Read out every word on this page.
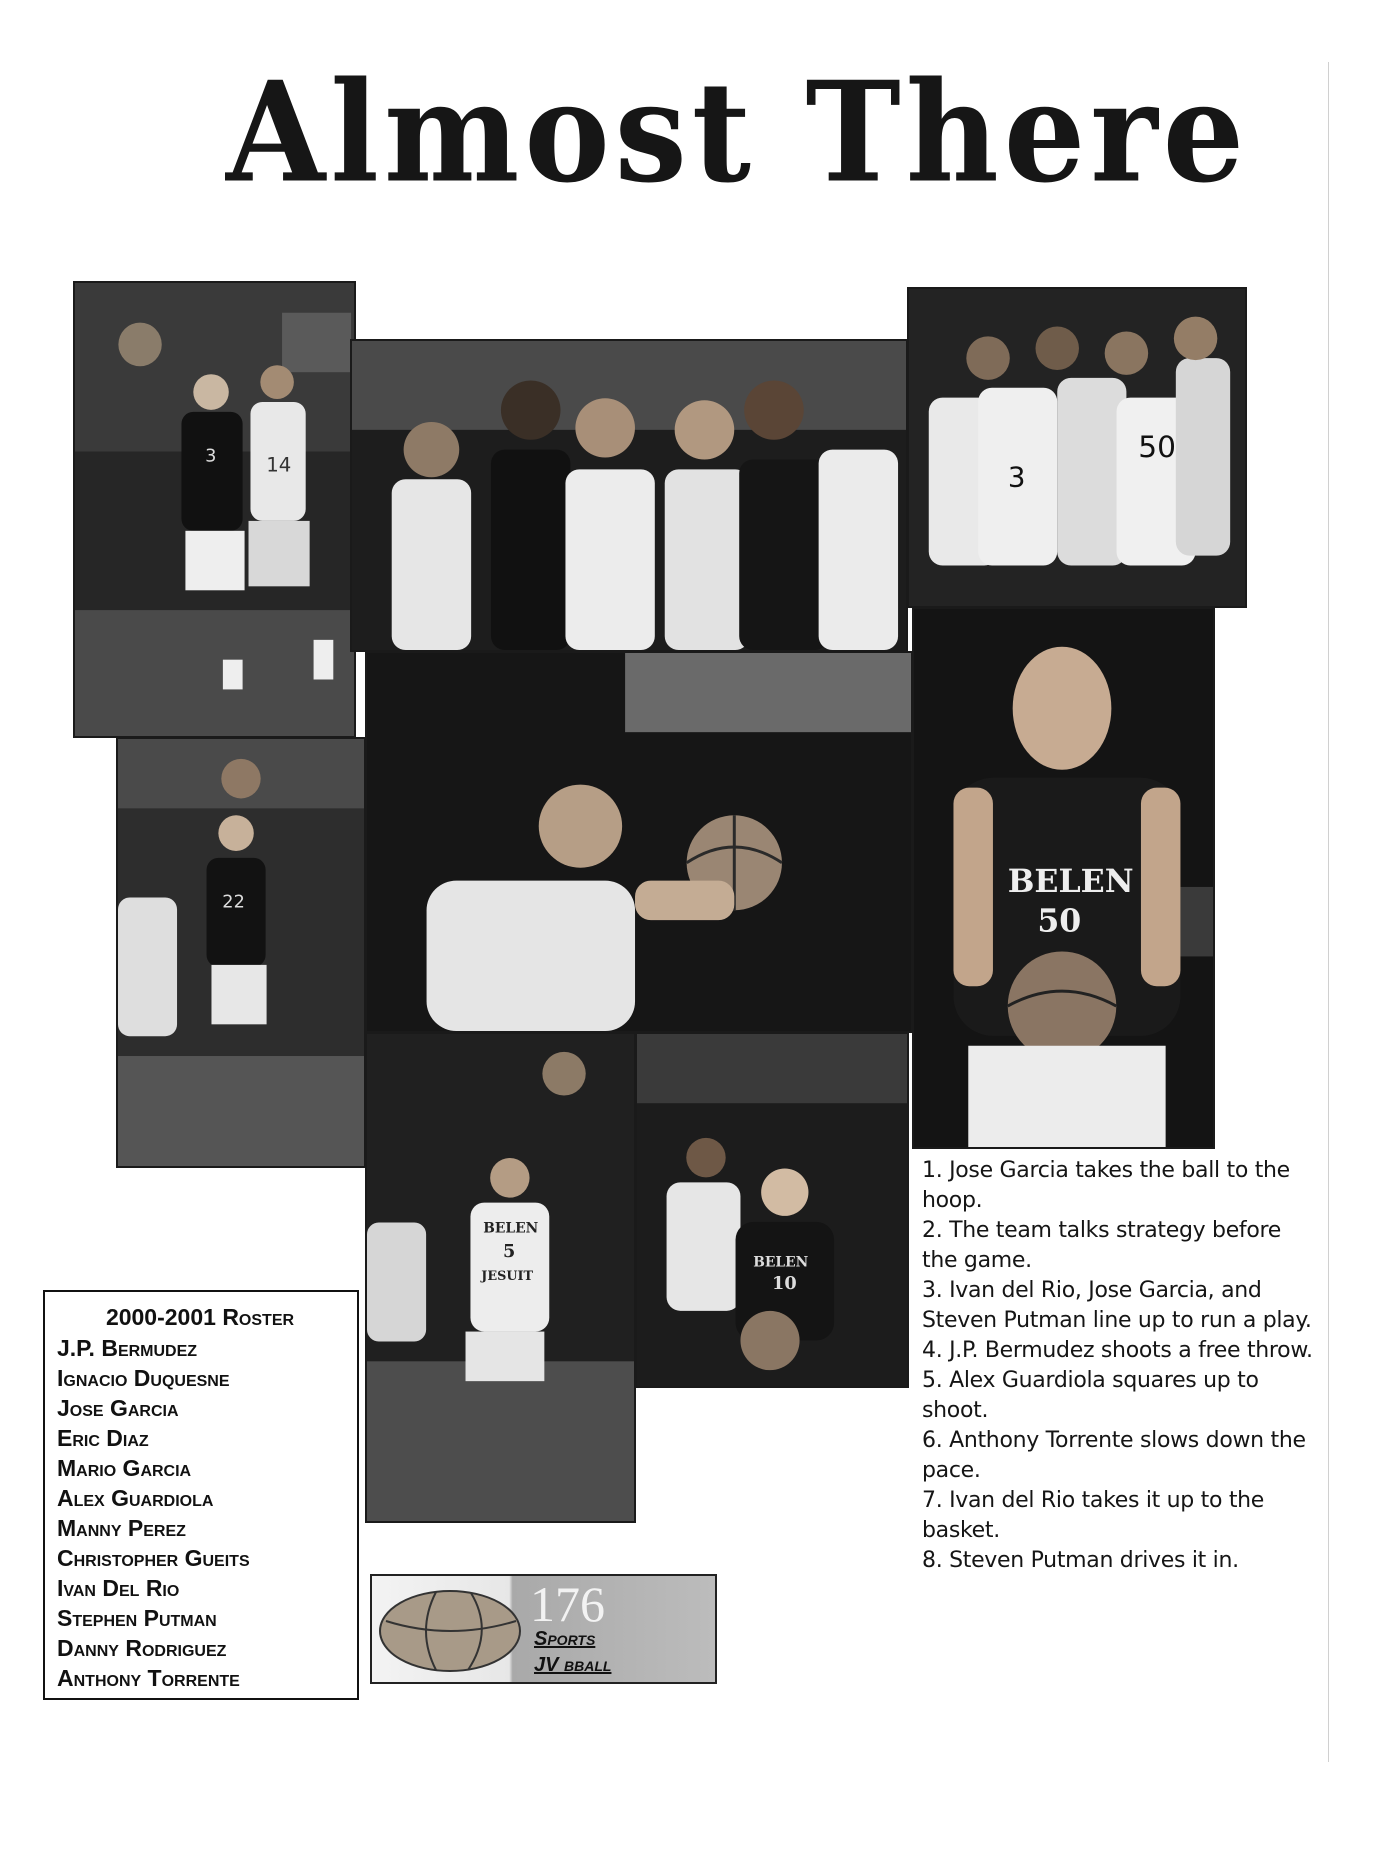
Almost There
3 14	3
50
22
BELEN
50
BELEN
5
JESUIT
BELEN
10
2000-2001 Roster
J.P. Bermudez
Ignacio Duquesne
Jose Garcia
Eric Diaz
Mario Garcia
Alex Guardiola
Manny Perez
Christopher Gueits
Ivan Del Rio
Stephen Putman
Danny Rodriguez
Anthony Torrente

1. Jose Garcia takes the ball to the hoop.

2. The team talks strategy before the game.

3. Ivan del Rio, Jose Garcia, and Steven Putman line up to run a play.

4. J.P. Bermudez shoots a free throw.

5. Alex Guardiola squares up to shoot.

6. Anthony Torrente slows down the pace.

7. Ivan del Rio takes it up to the basket.

8. Steven Putman drives it in.

176
Sports
JV bball
